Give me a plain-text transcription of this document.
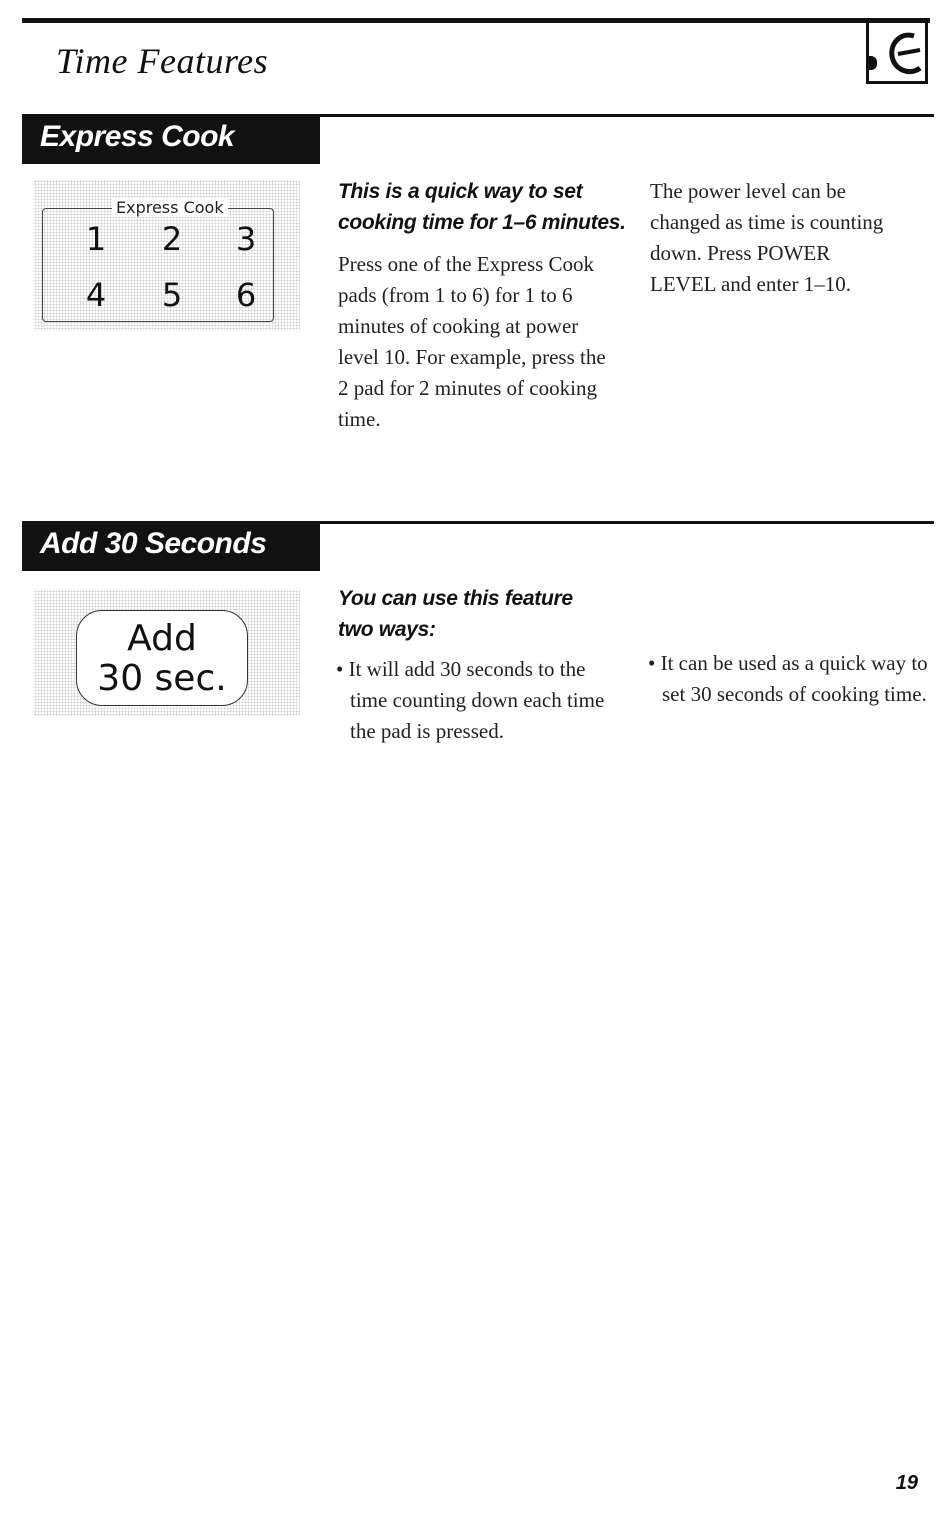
Time Features
Express Cook
Express Cook
1	2	3
4	5	6

This is a quick way to set cooking time for 1–6 minutes.

Press one of the Express Cook pads (from 1 to 6) for 1 to 6 minutes of cooking at power level 10. For example, press the 2 pad for 2 minutes of cooking time.

The power level can be changed as time is counting down. Press POWER LEVEL and enter 1–10.

Add 30 Seconds
Add
30 sec.

You can use this feature two ways:

• It will add 30 seconds to the time counting down each time the pad is pressed.

• It can be used as a quick way to set 30 seconds of cooking time.

19
